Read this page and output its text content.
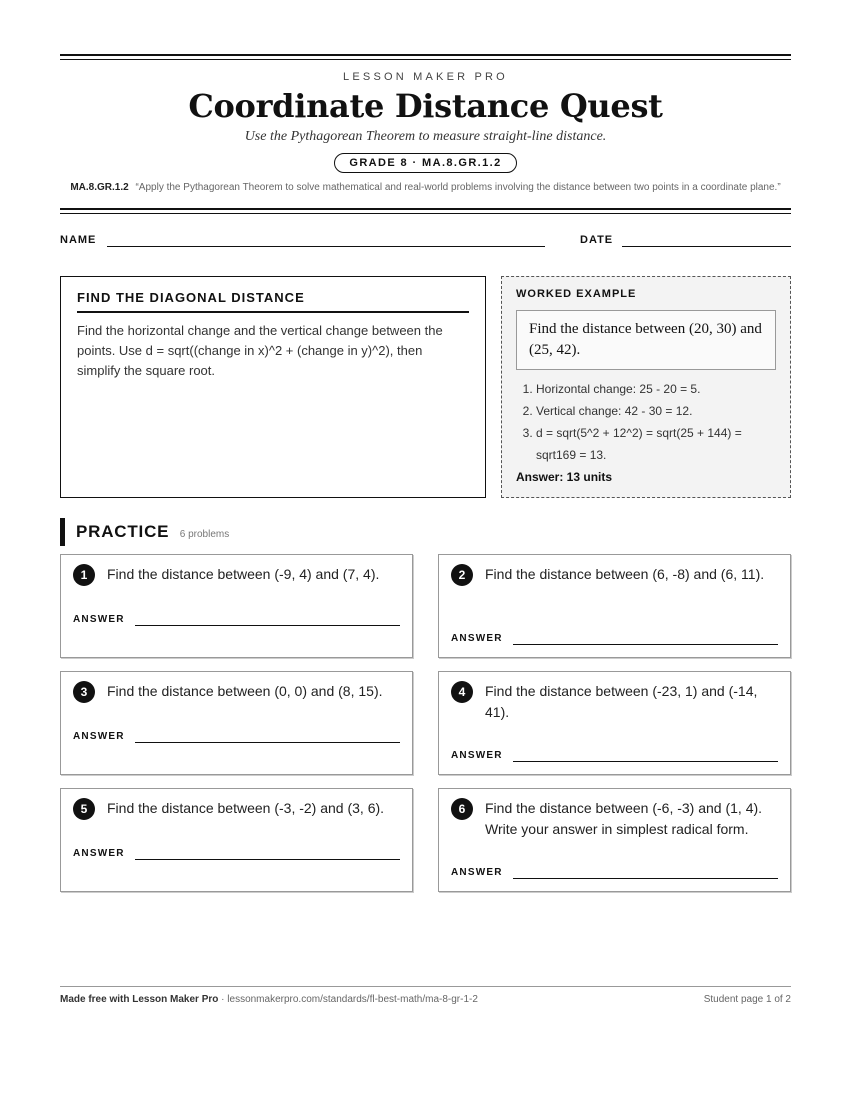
LESSON MAKER PRO
Coordinate Distance Quest
Use the Pythagorean Theorem to measure straight-line distance.
GRADE 8 · MA.8.GR.1.2
MA.8.GR.1.2 “Apply the Pythagorean Theorem to solve mathematical and real-world problems involving the distance between two points in a coordinate plane.”
NAME	DATE
FIND THE DIAGONAL DISTANCE
Find the horizontal change and the vertical change between the points. Use d = sqrt((change in x)^2 + (change in y)^2), then simplify the square root.
WORKED EXAMPLE
Find the distance between (20, 30) and (25, 42).
1. Horizontal change: 25 - 20 = 5.
2. Vertical change: 42 - 30 = 12.
3. d = sqrt(5^2 + 12^2) = sqrt(25 + 144) = sqrt169 = 13.
Answer: 13 units
PRACTICE 6 problems
1	Find the distance between (-9, 4) and (7, 4).
ANSWER
2	Find the distance between (6, -8) and (6, 11).
ANSWER
3	Find the distance between (0, 0) and (8, 15).
ANSWER
4	Find the distance between (-23, 1) and (-14, 41).
ANSWER
5	Find the distance between (-3, -2) and (3, 6).
ANSWER
6	Find the distance between (-6, -3) and (1, 4). Write your answer in simplest radical form.
ANSWER
Made free with Lesson Maker Pro · lessonmakerpro.com/standards/fl-best-math/ma-8-gr-1-2	Student page 1 of 2
